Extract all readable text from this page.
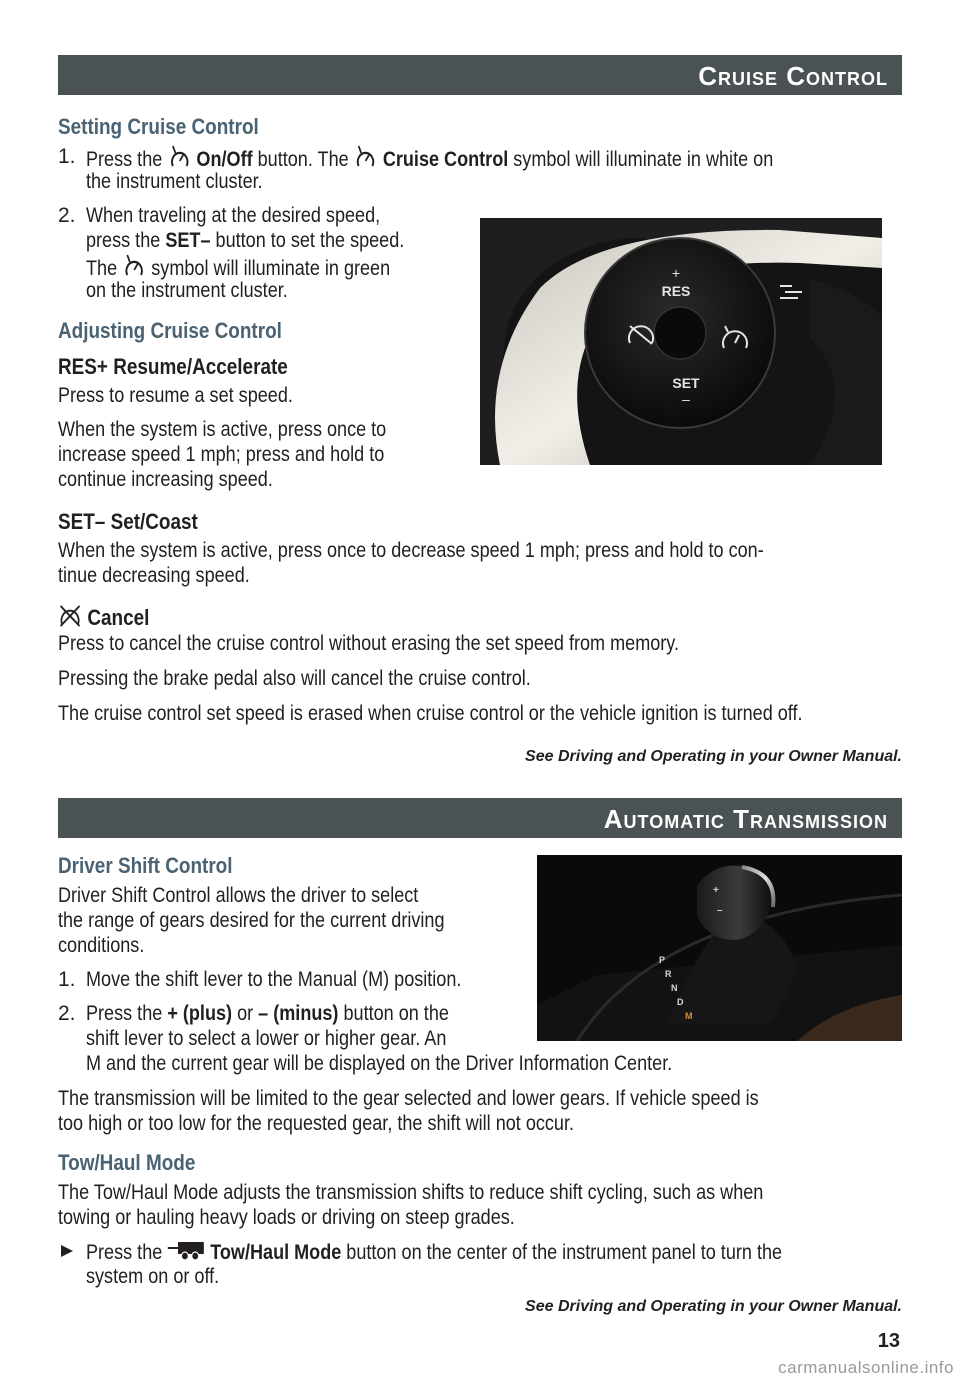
Cruise Control
Setting Cruise Control
1. Press the On/Off button. The Cruise Control symbol will illuminate in white on
the instrument cluster.
2. When traveling at the desired speed,
press the SET– button to set the speed.
The symbol will illuminate in green
on the instrument cluster.
Adjusting Cruise Control
RES+ Resume/Accelerate
Press to resume a set speed.
When the system is active, press once to
increase speed 1 mph; press and hold to
continue increasing speed.
RES
+
SET
–
SET– Set/Coast
When the system is active, press once to decrease speed 1 mph; press and hold to con-
tinue decreasing speed.
Cancel
Press to cancel the cruise control without erasing the set speed from memory.
Pressing the brake pedal also will cancel the cruise control.
The cruise control set speed is erased when cruise control or the vehicle ignition is turned off.
See Driving and Operating in your Owner Manual.
Automatic Transmission
Driver Shift Control
Driver Shift Control allows the driver to select
the range of gears desired for the current driving
conditions.
1. Move the shift lever to the Manual (M) position.
2. Press the + (plus) or – (minus) button on the
shift lever to select a lower or higher gear. An
M and the current gear will be displayed on the Driver Information Center.
+
–
P
R
N
D
M
The transmission will be limited to the gear selected and lower gears. If vehicle speed is
too high or too low for the requested gear, the shift will not occur.
Tow/Haul Mode
The Tow/Haul Mode adjusts the transmission shifts to reduce shift cycling, such as when
towing or hauling heavy loads or driving on steep grades.
Press the Tow/Haul Mode button on the center of the instrument panel to turn the
system on or off.
See Driving and Operating in your Owner Manual.
13
carmanualsonline.info
